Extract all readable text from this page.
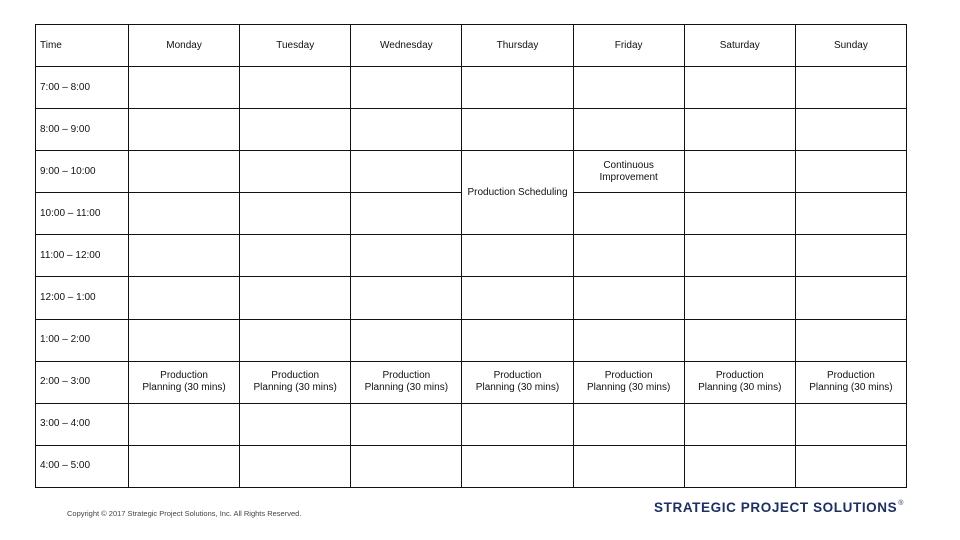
Time	Monday	Tuesday	Wednesday	Thursday	Friday	Saturday	Sunday
7:00 – 8:00							
8:00 – 9:00							
9:00 – 10:00				Production Scheduling	Continuous Improvement		
10:00 – 11:00							
11:00 – 12:00							
12:00 – 1:00							
1:00 – 2:00							
2:00 – 3:00	Production Planning (30 mins)	Production Planning (30 mins)	Production Planning (30 mins)	Production Planning (30 mins)	Production Planning (30 mins)	Production Planning (30 mins)	Production Planning (30 mins)
3:00 – 4:00							
4:00 – 5:00							
Copyright © 2017 Strategic Project Solutions, Inc. All Rights Reserved.	STRATEGIC PROJECT SOLUTIONS®
